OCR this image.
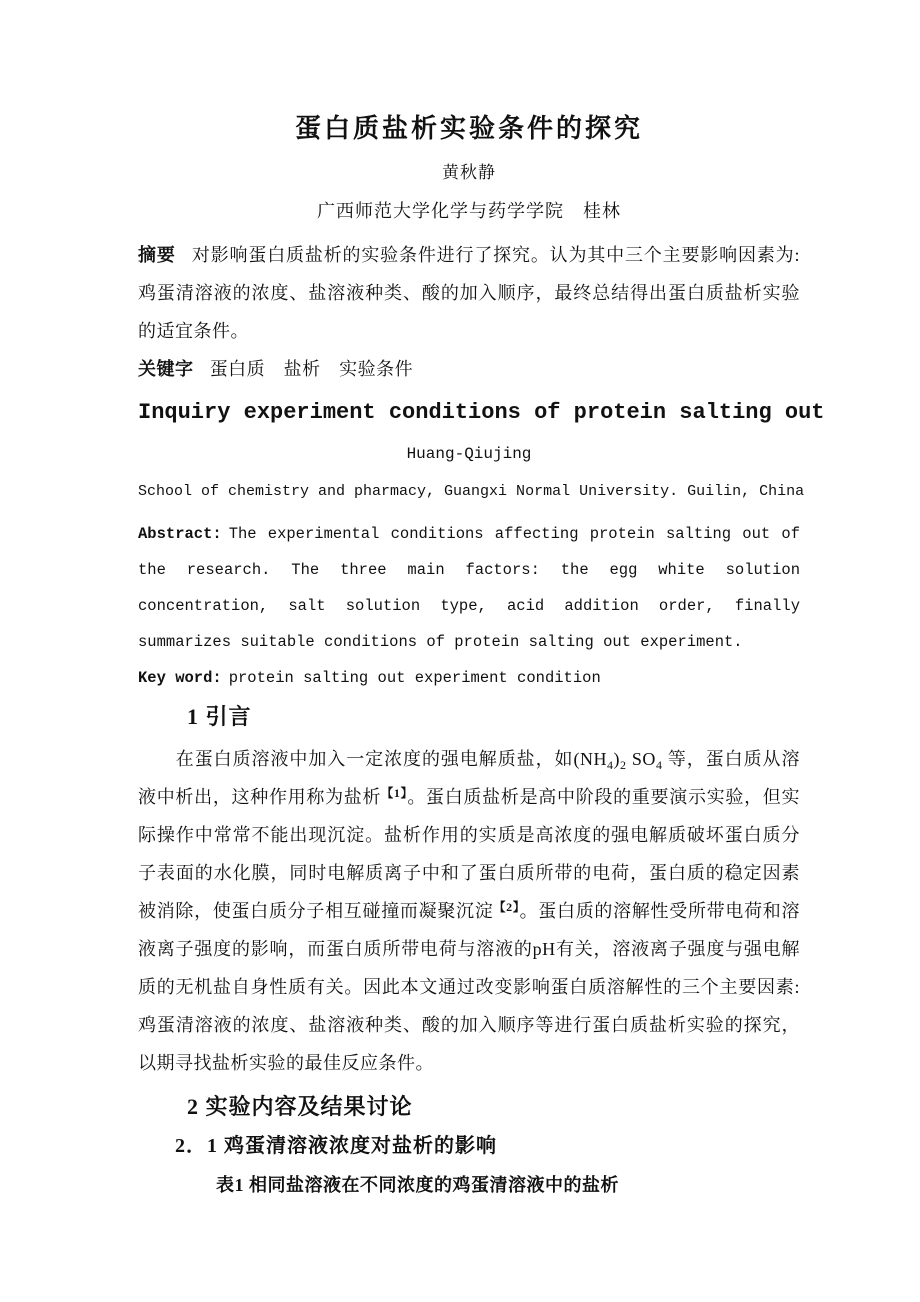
蛋白质盐析实验条件的探究
黄秋静
广西师范大学化学与药学学院　桂林

摘要 对影响蛋白质盐析的实验条件进行了探究。认为其中三个主要影响因素为:鸡蛋清溶液的浓度、盐溶液种类、酸的加入顺序，最终总结得出蛋白质盐析实验的适宜条件。

关键字 蛋白质　盐析　实验条件

Inquiry experiment conditions of protein salting out
Huang-Qiujing
School of chemistry and pharmacy, Guangxi Normal University. Guilin, China

Abstract: The experimental conditions affecting protein salting out of the research. The three main factors: the egg white solution concentration, salt solution type, acid addition order, finally summarizes suitable conditions of protein salting out experiment.

Key word: protein salting out experiment condition

1 引言

在蛋白质溶液中加入一定浓度的强电解质盐，如$(NH_4)_2$ $SO_4$ 等，蛋白质从溶液中析出，这种作用称为盐析$^{【1】}$。蛋白质盐析是高中阶段的重要演示实验，但实际操作中常常不能出现沉淀。盐析作用的实质是高浓度的强电解质破坏蛋白质分子表面的水化膜，同时电解质离子中和了蛋白质所带的电荷，蛋白质的稳定因素被消除，使蛋白质分子相互碰撞而凝聚沉淀$^{【2】}$。蛋白质的溶解性受所带电荷和溶液离子强度的影响，而蛋白质所带电荷与溶液的pH有关，溶液离子强度与强电解质的无机盐自身性质有关。因此本文通过改变影响蛋白质溶解性的三个主要因素: 鸡蛋清溶液的浓度、盐溶液种类、酸的加入顺序等进行蛋白质盐析实验的探究，以期寻找盐析实验的最佳反应条件。

2 实验内容及结果讨论
2．1 鸡蛋清溶液浓度对盐析的影响
表1 相同盐溶液在不同浓度的鸡蛋清溶液中的盐析
